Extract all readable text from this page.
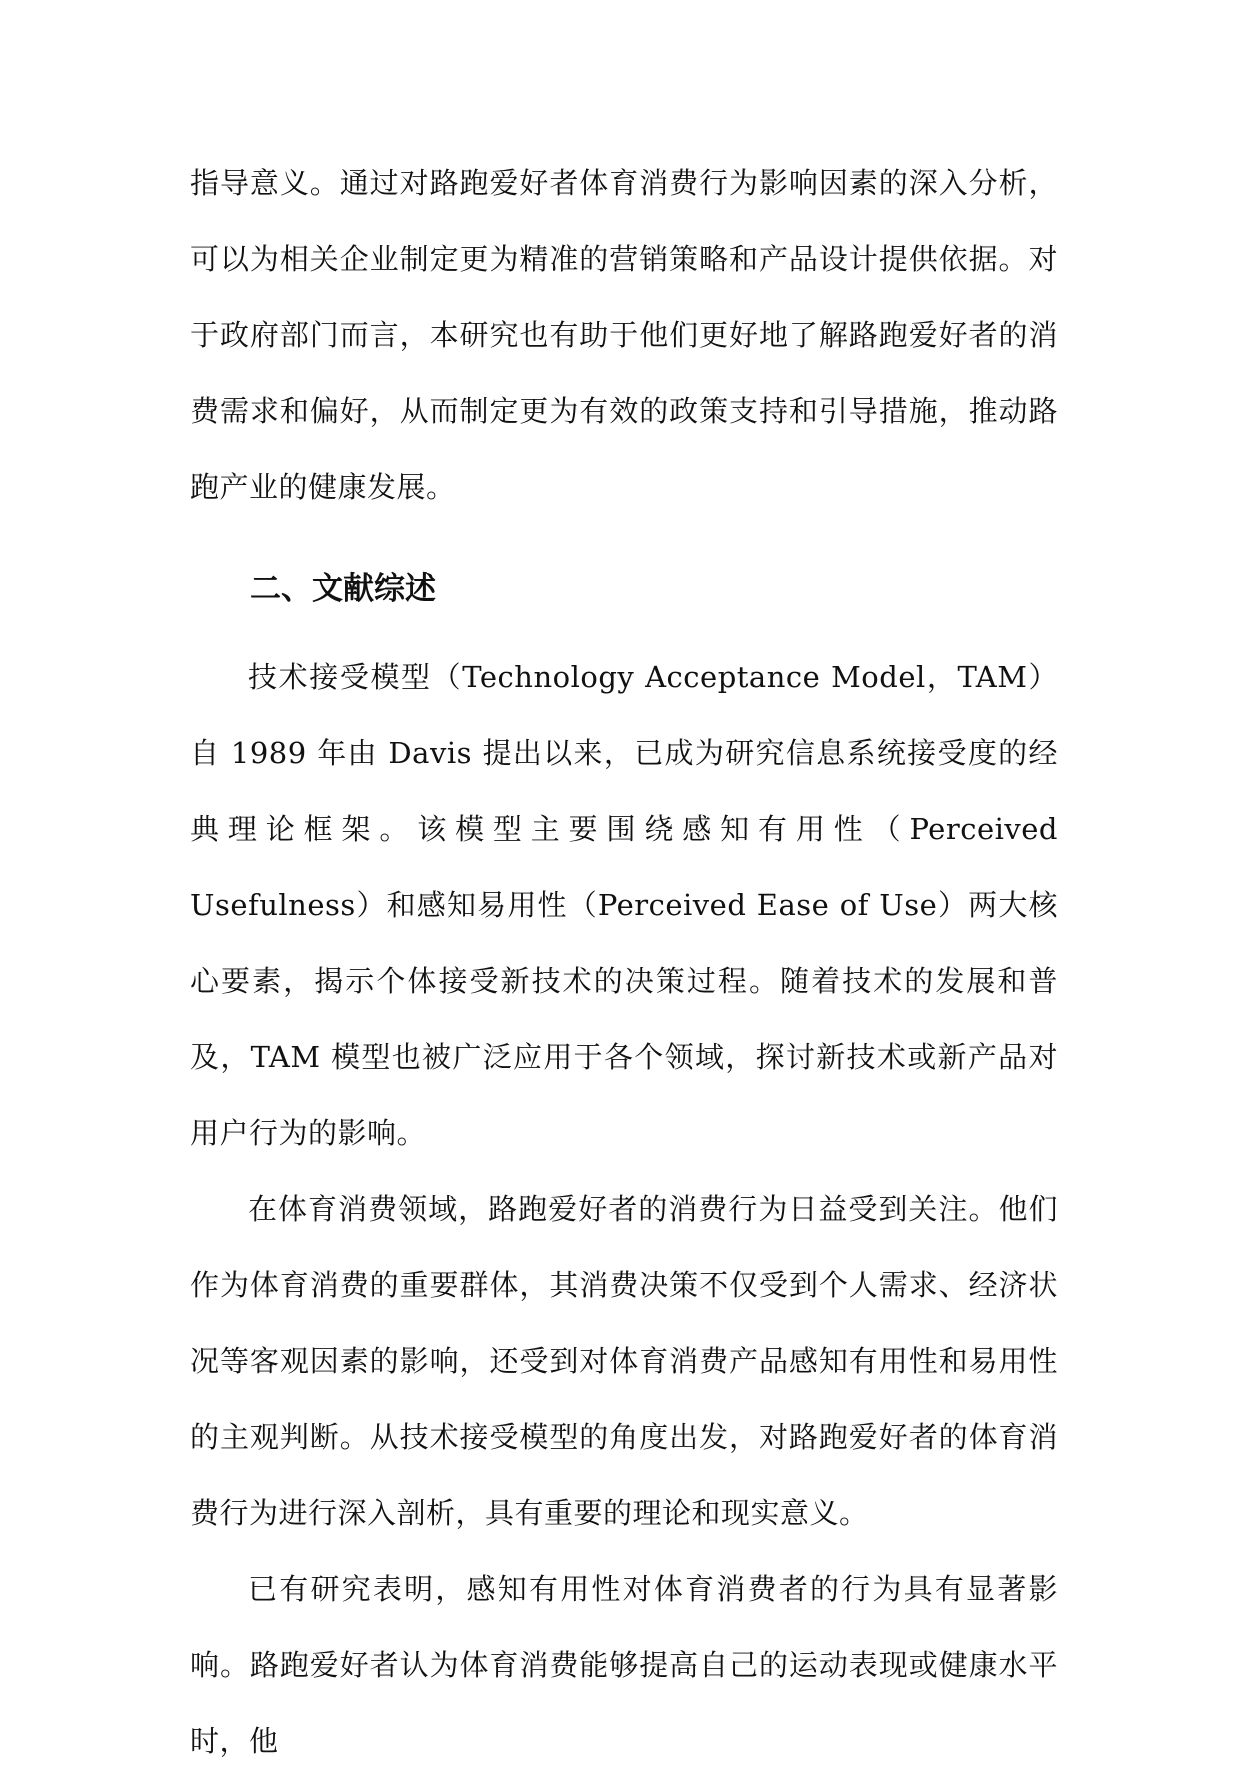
指导意义。通过对路跑爱好者体育消费行为影响因素的深入分析，可以为相关企业制定更为精准的营销策略和产品设计提供依据。对于政府部门而言，本研究也有助于他们更好地了解路跑爱好者的消费需求和偏好，从而制定更为有效的政策支持和引导措施，推动路跑产业的健康发展。

二、文献综述

技术接受模型（Technology Acceptance Model，TAM）自 1989 年由 Davis 提出以来，已成为研究信息系统接受度的经典理论框架。该模型主要围绕感知有用性（Perceived Usefulness）和感知易用性（Perceived Ease of Use）两大核心要素，揭示个体接受新技术的决策过程。随着技术的发展和普及，TAM 模型也被广泛应用于各个领域，探讨新技术或新产品对用户行为的影响。

在体育消费领域，路跑爱好者的消费行为日益受到关注。他们作为体育消费的重要群体，其消费决策不仅受到个人需求、经济状况等客观因素的影响，还受到对体育消费产品感知有用性和易用性的主观判断。从技术接受模型的角度出发，对路跑爱好者的体育消费行为进行深入剖析，具有重要的理论和现实意义。

已有研究表明，感知有用性对体育消费者的行为具有显著影响。路跑爱好者认为体育消费能够提高自己的运动表现或健康水平时，他
